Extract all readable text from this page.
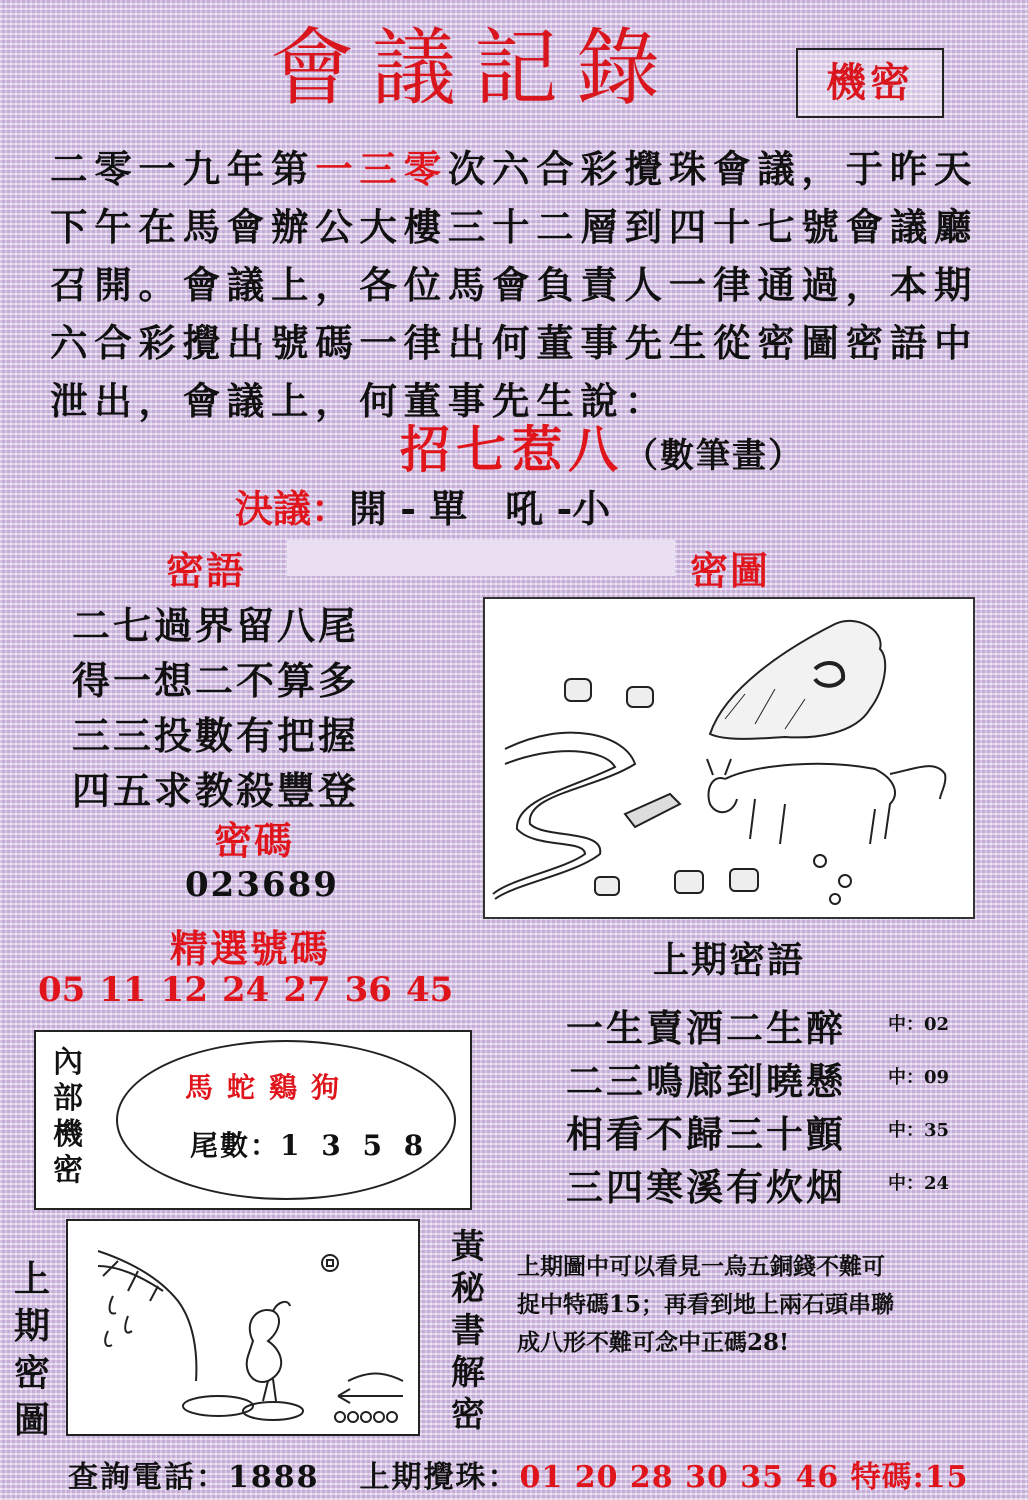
會議記錄	機密
二零一九年第一三零次六合彩攪珠會議，于昨天
下午在馬會辦公大樓三十二層到四十七號會議廳
召開。會議上，各位馬會負責人一律通過，本期
六合彩攪出號碼一律出何董事先生從密圖密語中
泄出，會議上，何董事先生說：
招七惹八（數筆畫）
決議：開 - 單　吼 -小
密語	密圖
二七過界留八尾
得一想二不算多
三三投數有把握
四五求教殺豐登
密碼
023689
精選號碼
05 11 12 24 27 36 45
上期密語
一生賣酒二生醉 中：02
二三鳴廊到曉懸 中：09
相看不歸三十顫 中：35
三四寒溪有炊烟 中：24
內部機密
馬蛇鷄狗
尾數：1 3 5 8
上期密圖
黃秘書解密
上期圖中可以看見一烏五銅錢不難可
捉中特碼15；再看到地上兩石頭串聯
成八形不難可念中正碼28!
查詢電話：1888 上期攪珠：01 20 28 30 35 46 特碼:15
